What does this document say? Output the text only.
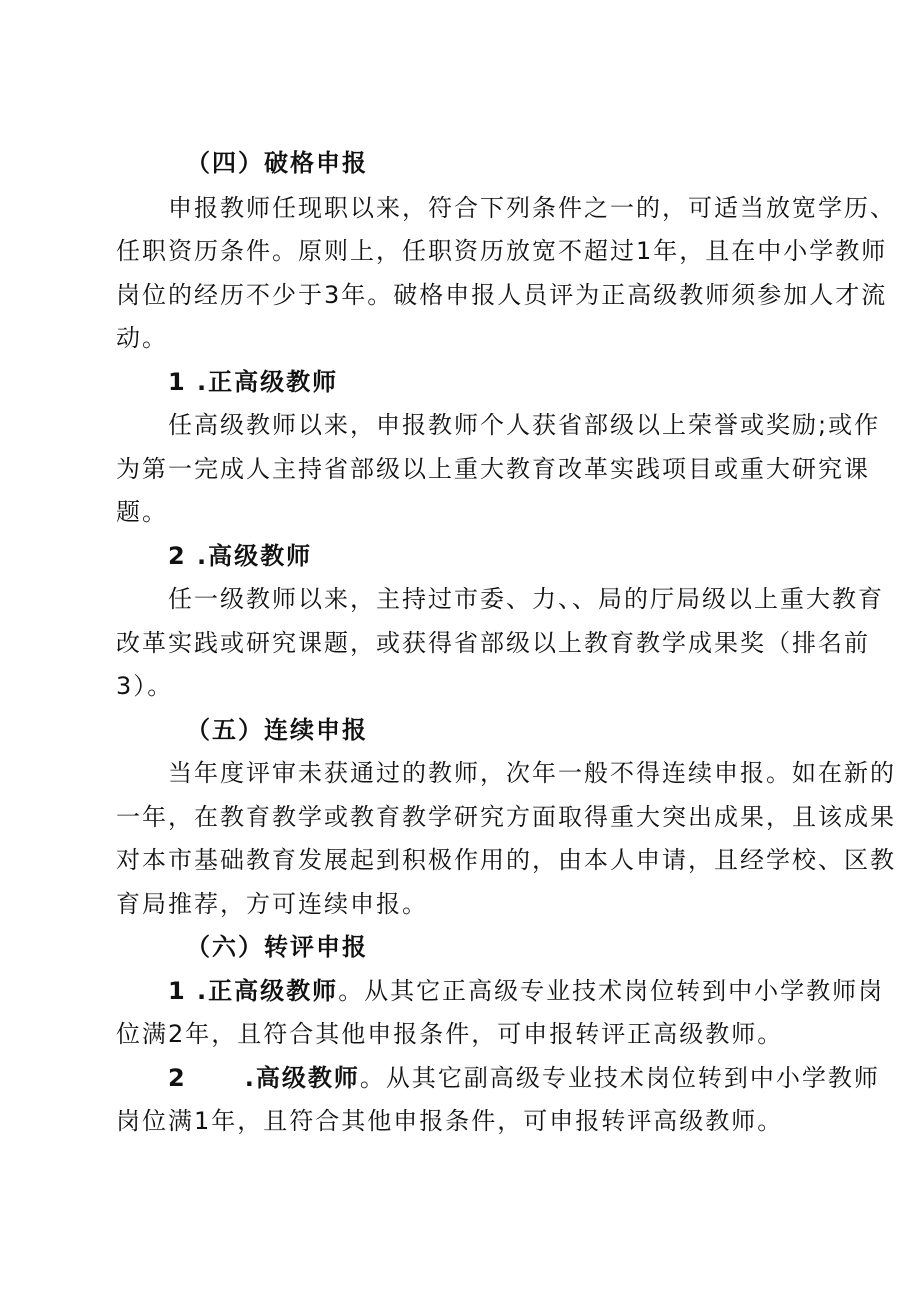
（四）破格申报
申报教师任现职以来，符合下列条件之一的，可适当放宽学历、
任职资历条件。原则上，任职资历放宽不超过1年，且在中小学教师
岗位的经历不少于3年。破格申报人员评为正高级教师须参加人才流
动。
1 .正高级教师
任高级教师以来，申报教师个人获省部级以上荣誉或奖励;或作
为第一完成人主持省部级以上重大教育改革实践项目或重大研究课
题。
2 .高级教师
任一级教师以来，主持过市委、力、、局的厅局级以上重大教育
改革实践或研究课题，或获得省部级以上教育教学成果奖（排名前
3）。
（五）连续申报
当年度评审未获通过的教师，次年一般不得连续申报。如在新的
一年，在教育教学或教育教学研究方面取得重大突出成果，且该成果
对本市基础教育发展起到积极作用的，由本人申请，且经学校、区教
育局推荐，方可连续申报。
（六）转评申报
1 .正高级教师。从其它正高级专业技术岗位转到中小学教师岗
位满2年，且符合其他申报条件，可申报转评正高级教师。
2 .高级教师。从其它副高级专业技术岗位转到中小学教师
岗位满1年，且符合其他申报条件，可申报转评高级教师。
